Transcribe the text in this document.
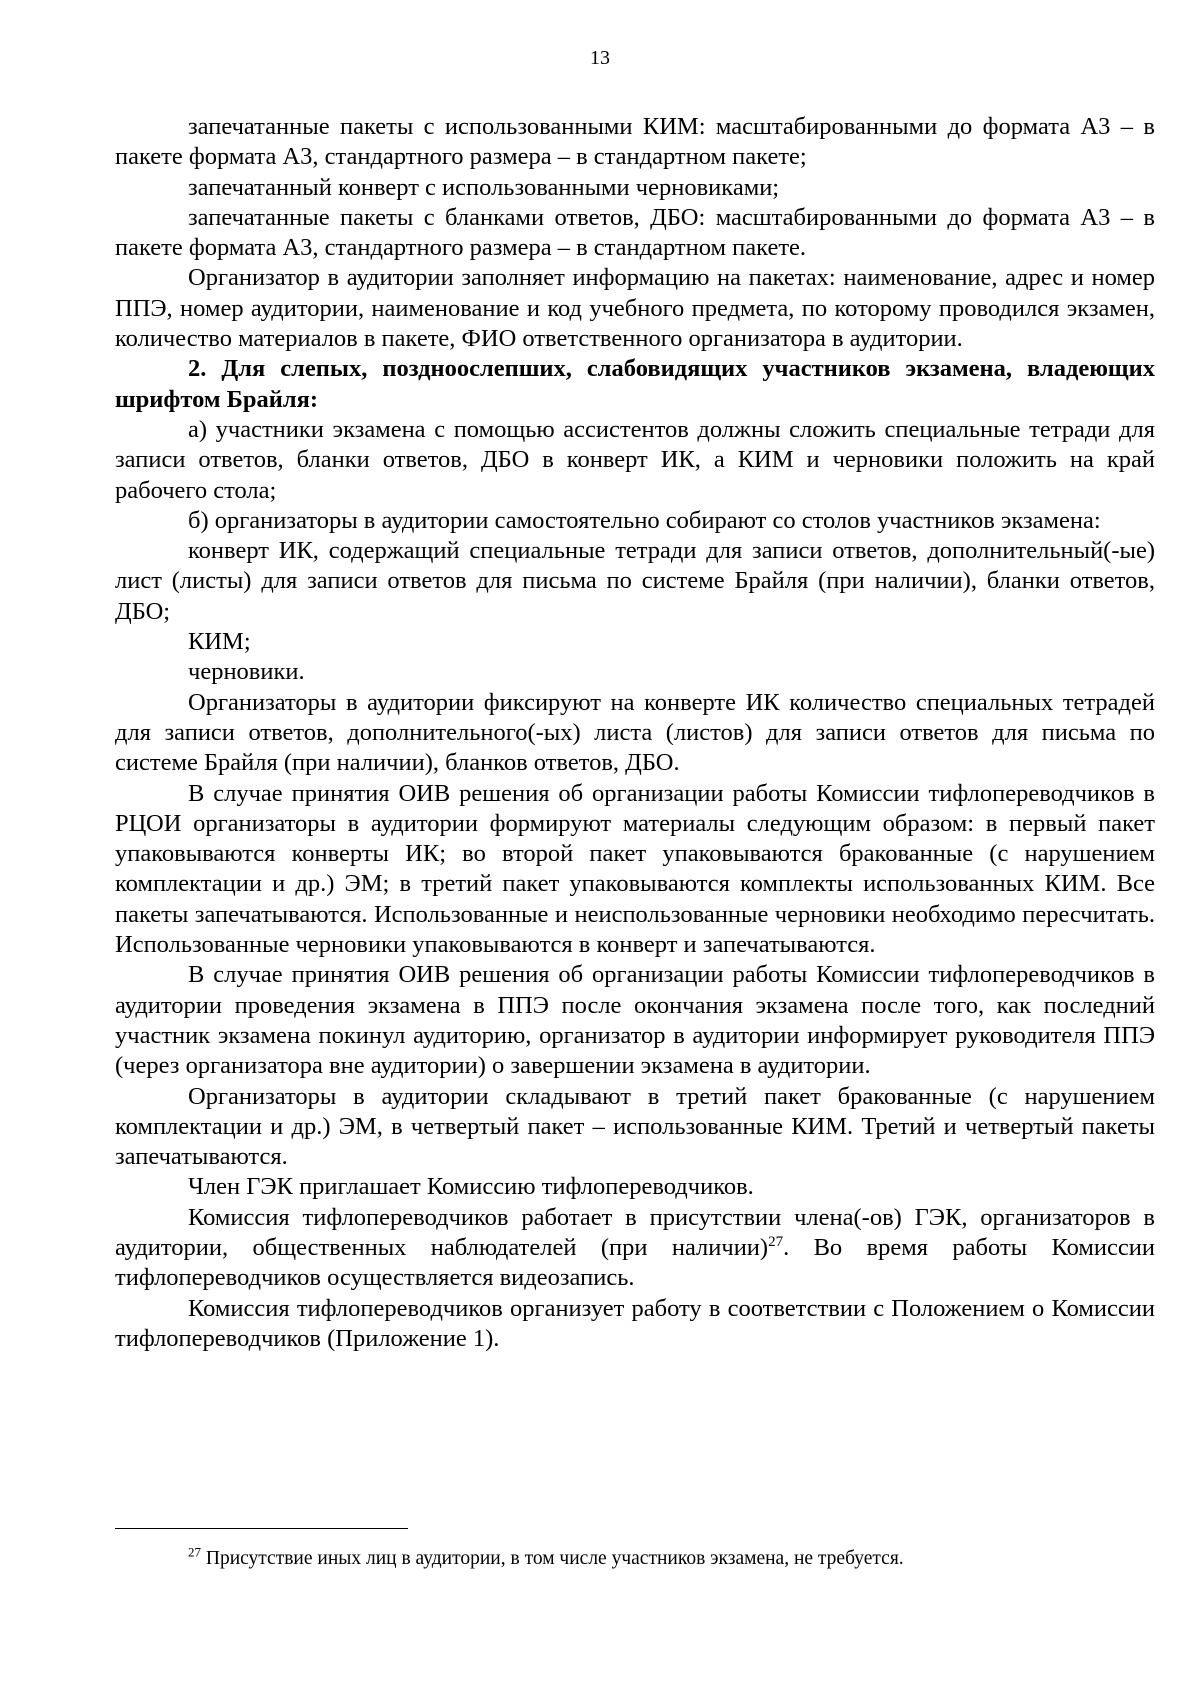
13

запечатанные пакеты с использованными КИМ: масштабированными до формата А3 – в пакете формата А3, стандартного размера – в стандартном пакете;

запечатанный конверт с использованными черновиками;

запечатанные пакеты с бланками ответов, ДБО: масштабированными до формата А3 – в пакете формата А3, стандартного размера – в стандартном пакете.

Организатор в аудитории заполняет информацию на пакетах: наименование, адрес и номер ППЭ, номер аудитории, наименование и код учебного предмета, по которому проводился экзамен, количество материалов в пакете, ФИО ответственного организатора в аудитории.

2. Для слепых, поздноослепших, слабовидящих участников экзамена, владеющих шрифтом Брайля:

а) участники экзамена с помощью ассистентов должны сложить специальные тетради для записи ответов, бланки ответов, ДБО в конверт ИК, а КИМ и черновики положить на край рабочего стола;

б) организаторы в аудитории самостоятельно собирают со столов участников экзамена:

конверт ИК, содержащий специальные тетради для записи ответов, дополнительный(-ые) лист (листы) для записи ответов для письма по системе Брайля (при наличии), бланки ответов, ДБО;

КИМ;

черновики.

Организаторы в аудитории фиксируют на конверте ИК количество специальных тетрадей для записи ответов, дополнительного(-ых) листа (листов) для записи ответов для письма по системе Брайля (при наличии), бланков ответов, ДБО.

В случае принятия ОИВ решения об организации работы Комиссии тифлопереводчиков в РЦОИ организаторы в аудитории формируют материалы следующим образом: в первый пакет упаковываются конверты ИК; во второй пакет упаковываются бракованные (с нарушением комплектации и др.) ЭМ; в третий пакет упаковываются комплекты использованных КИМ. Все пакеты запечатываются. Использованные и неиспользованные черновики необходимо пересчитать. Использованные черновики упаковываются в конверт и запечатываются.

В случае принятия ОИВ решения об организации работы Комиссии тифлопереводчиков в аудитории проведения экзамена в ППЭ после окончания экзамена после того, как последний участник экзамена покинул аудиторию, организатор в аудитории информирует руководителя ППЭ (через организатора вне аудитории) о завершении экзамена в аудитории.

Организаторы в аудитории складывают в третий пакет бракованные (с нарушением комплектации и др.) ЭМ, в четвертый пакет – использованные КИМ. Третий и четвертый пакеты запечатываются.

Член ГЭК приглашает Комиссию тифлопереводчиков.

Комиссия тифлопереводчиков работает в присутствии члена(-ов) ГЭК, организаторов в аудитории, общественных наблюдателей (при наличии)$^{27}$. Во время работы Комиссии тифлопереводчиков осуществляется видеозапись.

Комиссия тифлопереводчиков организует работу в соответствии с Положением о Комиссии тифлопереводчиков (Приложение 1).

$^{27}$ Присутствие иных лиц в аудитории, в том числе участников экзамена, не требуется.
